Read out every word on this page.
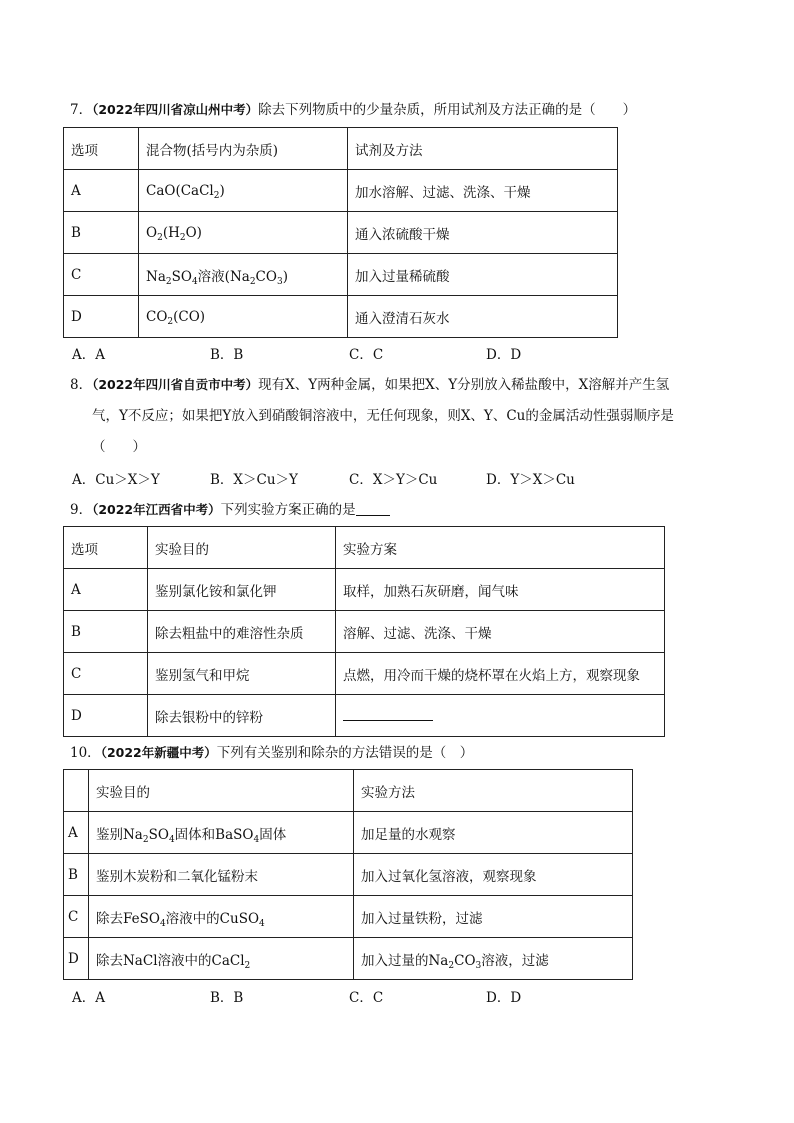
7．（2022年四川省凉山州中考）除去下列物质中的少量杂质，所用试剂及方法正确的是（　　）
选项	混合物(括号内为杂质)	试剂及方法
A	CaO(CaCl$_2$)	加水溶解、过滤、洗涤、干燥
B	$O_2(H_2O)$	通入浓硫酸干燥
C	$Na_2SO_4$溶液$(Na_2CO_3)$	加入过量稀硫酸
D	$CO_2(CO)$	通入澄清石灰水
A．A	B．B	C．C	D．D
8．（2022年四川省自贡市中考）现有X、Y两种金属，如果把X、Y分别放入稀盐酸中，X溶解并产生氢
气，Y不反应；如果把Y放入到硝酸铜溶液中，无任何现象，则X、Y、Cu的金属活动性强弱顺序是
（　　）
A．Cu＞X＞Y	B．X＞Cu＞Y	C．X＞Y＞Cu	D．Y＞X＞Cu
9．（2022年江西省中考）下列实验方案正确的是
选项	实验目的	实验方案
A	鉴别氯化铵和氯化钾	取样，加熟石灰研磨，闻气味
B	除去粗盐中的难溶性杂质	溶解、过滤、洗涤、干燥
C	鉴别氢气和甲烷	点燃，用冷而干燥的烧杯罩在火焰上方，观察现象
D	除去银粉中的锌粉	
10．（2022年新疆中考）下列有关鉴别和除杂的方法错误的是（　）
	实验目的	实验方法
A	鉴别$Na_2SO_4$固体和BaSO$_4$固体	加足量的水观察
B	鉴别木炭粉和二氧化锰粉末	加入过氧化氢溶液，观察现象
C	除去FeSO$_4$溶液中的CuSO$_4$	加入过量铁粉，过滤
D	除去NaCl溶液中的CaCl$_2$	加入过量的$Na_2CO_3$溶液，过滤
A．A	B．B	C．C	D．D
